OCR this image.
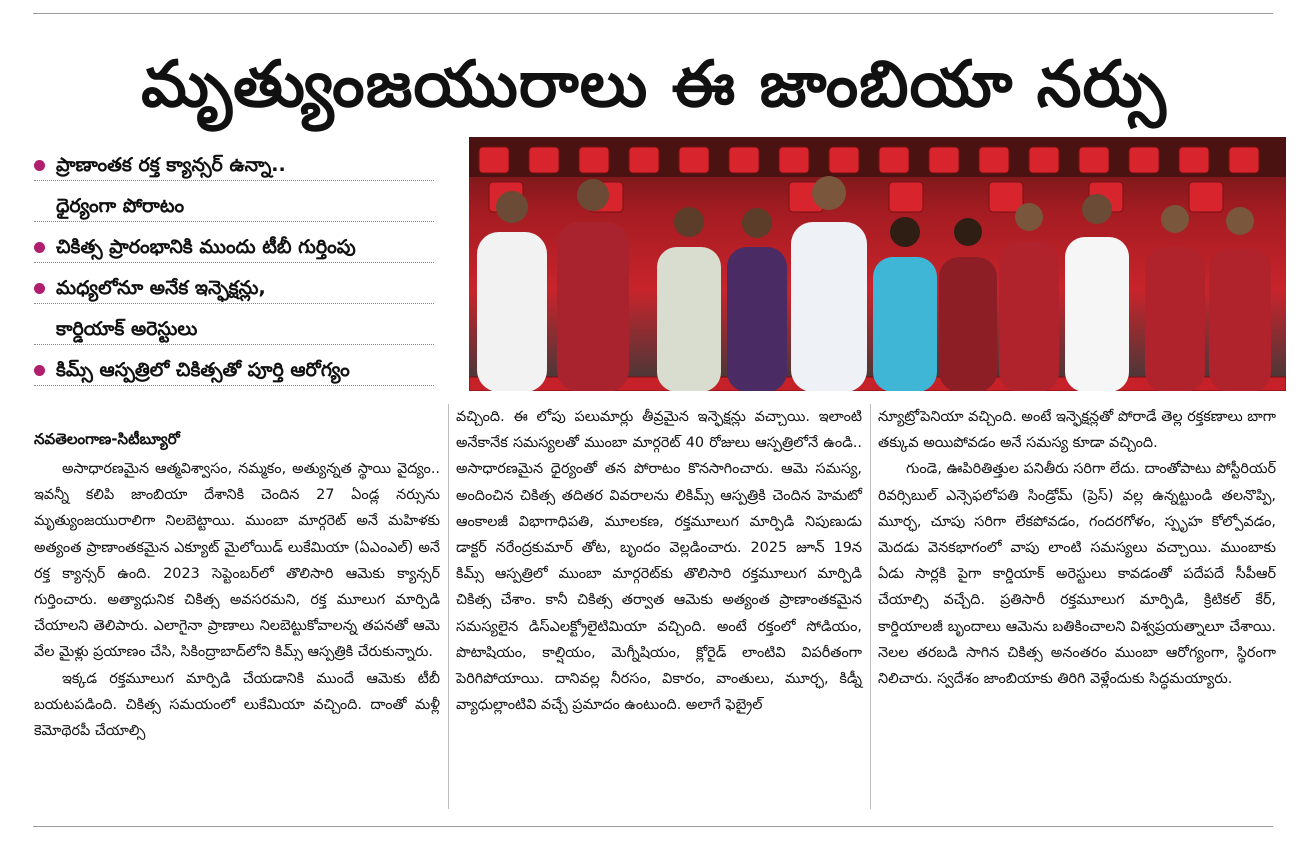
మృత్యుంజయురాలు ఈ జాంబియా నర్సు
ప్రాణాంతక రక్త క్యాన్సర్ ఉన్నా..
ధైర్యంగా పోరాటం
చికిత్స ప్రారంభానికి ముందు టీబీ గుర్తింపు
మధ్యలోనూ అనేక ఇన్ఫెక్షన్లు,
కార్డియాక్ అరెస్టులు
కిమ్స్ ఆస్పత్రిలో చికిత్సతో పూర్తి ఆరోగ్యం
నవతెలంగాణ-సిటీబ్యూరో

అసాధారణమైన ఆత్మవిశ్వాసం, నమ్మకం, అత్యున్నత స్థాయి వైద్యం.. ఇవన్నీ కలిపి జాంబియా దేశానికి చెందిన 27 ఏండ్ల నర్సును మృత్యుంజయురాలిగా నిలబెట్టాయి. ముంబా మార్గరెట్ అనే మహిళకు అత్యంత ప్రాణాంతకమైన ఎక్యూట్ మైలోయిడ్ లుకేమియా (ఏఎంఎల్) అనే రక్త క్యాన్సర్ ఉంది. 2023 సెప్టెంబర్‌లో తొలిసారి ఆమెకు క్యాన్సర్ గుర్తించారు. అత్యాధునిక చికిత్స అవసరమని, రక్త మూలుగ మార్పిడి చేయాలని తెలిపారు. ఎలాగైనా ప్రాణాలు నిలబెట్టుకోవాలన్న తపనతో ఆమె వేల మైళ్లు ప్రయాణం చేసి, సికింద్రాబాద్‌లోని కిమ్స్ ఆస్పత్రికి చేరుకున్నారు.

ఇక్కడ రక్తమూలుగ మార్పిడి చేయడానికి ముందే ఆమెకు టీబీ బయటపడింది. చికిత్స సమయంలో లుకేమియా వచ్చింది. దాంతో మళ్లీ కెమోథెరపీ చేయాల్సి

వచ్చింది. ఈ లోపు పలుమార్లు తీవ్రమైన ఇన్ఫెక్షన్లు వచ్చాయి. ఇలాంటి అనేకానేక సమస్యలతో ముంబా మార్గరెట్ 40 రోజులు ఆస్పత్రిలోనే ఉండి.. అసాధారణమైన ధైర్యంతో తన పోరాటం కొనసాగించారు. ఆమె సమస్య, అందించిన చికిత్స తదితర వివరాలను లికిమ్స్ ఆస్పత్రికి చెందిన హెమటో ఆంకాలజీ విభాగాధిపతి, మూలకణ, రక్తమూలుగ మార్పిడి నిపుణుడు డాక్టర్ నరేంద్రకుమార్ తోట, బృందం వెల్లడించారు. 2025 జూన్ 19న కిమ్స్ ఆస్పత్రిలో ముంబా మార్గరెట్‌కు తొలిసారి రక్తమూలుగ మార్పిడి చికిత్స చేశాం. కానీ చికిత్స తర్వాత ఆమెకు అత్యంత ప్రాణాంతకమైన సమస్యలైన డిస్ఎలక్ట్రోలైటిమియా వచ్చింది. అంటే రక్తంలో సోడియం, పొటాషియం, కాల్షియం, మెగ్నీషియం, క్లోరైడ్ లాంటివి విపరీతంగా పెరిగిపోయాయి. దానివల్ల నీరసం, వికారం, వాంతులు, మూర్ఛ, కిడ్నీ వ్యాధుల్లాంటివి వచ్చే ప్రమాదం ఉంటుంది. అలాగే ఫెబ్రైల్

న్యూట్రోపెనియా వచ్చింది. అంటే ఇన్ఫెక్షన్లతో పోరాడే తెల్ల రక్తకణాలు బాగా తక్కువ అయిపోవడం అనే సమస్య కూడా వచ్చింది.

గుండె, ఊపిరితిత్తుల పనితీరు సరిగా లేదు. దాంతోపాటు పోస్టీరియర్ రివర్సిబుల్ ఎన్సెఫలోపతి సిండ్రోమ్ (ప్రెస్) వల్ల ఉన్నట్టుండి తలనొప్పి, మూర్ఛ, చూపు సరిగా లేకపోవడం, గందరగోళం, స్పృహ కోల్పోవడం, మెదడు వెనకభాగంలో వాపు లాంటి సమస్యలు వచ్చాయి. ముంబాకు ఏడు సార్లకి పైగా కార్డియాక్ అరెస్టులు కావడంతో పదేపదే సీపీఆర్ చేయాల్సి వచ్చేది. ప్రతిసారీ రక్తమూలుగ మార్పిడి, క్రిటికల్ కేర్, కార్డియాలజీ బృందాలు ఆమెను బతికించాలని విశ్వప్రయత్నాలూ చేశాయి. నెలల తరబడి సాగిన చికిత్స అనంతరం ముంబా ఆరోగ్యంగా, స్థిరంగా నిలిచారు. స్వదేశం జాంబియాకు తిరిగి వెళ్లేందుకు సిద్ధమయ్యారు.
